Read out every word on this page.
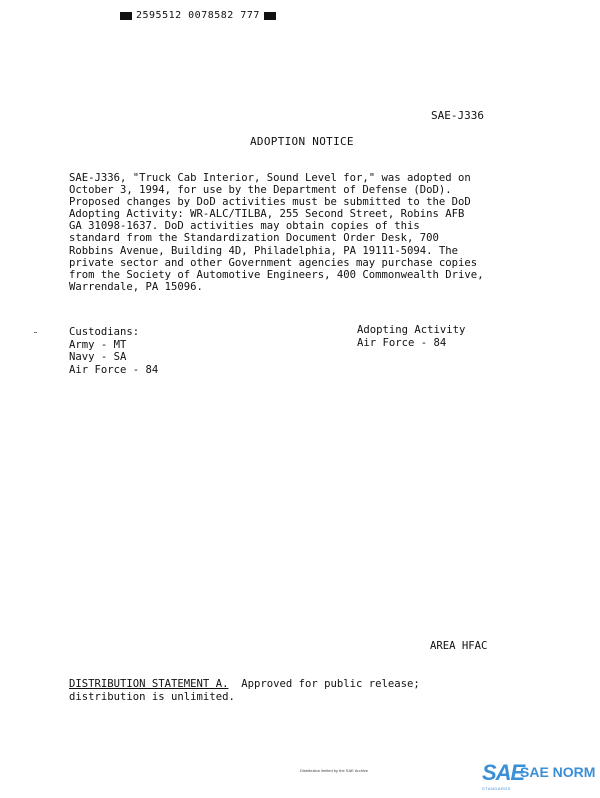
2595512 0078582 777
SAE-J336
ADOPTION NOTICE

SAE-J336, "Truck Cab Interior, Sound Level for," was adopted on

October 3, 1994, for use by the Department of Defense (DoD).

Proposed changes by DoD activities must be submitted to the DoD

Adopting Activity: WR-ALC/TILBA, 255 Second Street, Robins AFB

GA 31098-1637. DoD activities may obtain copies of this

standard from the Standardization Document Order Desk, 700

Robbins Avenue, Building 4D, Philadelphia, PA 19111-5094. The

private sector and other Government agencies may purchase copies

from the Society of Automotive Engineers, 400 Commonwealth Drive,

Warrendale, PA 15096.

Custodians:
Army - MT
Navy - SA
Air Force - 84
Adopting Activity
Air Force - 84
AREA HFAC
DISTRIBUTION STATEMENT A. Approved for public release;
distribution is unlimited.
Distribution limited by the SAE Archive	SAE
SAE NORM
STANDARDS
